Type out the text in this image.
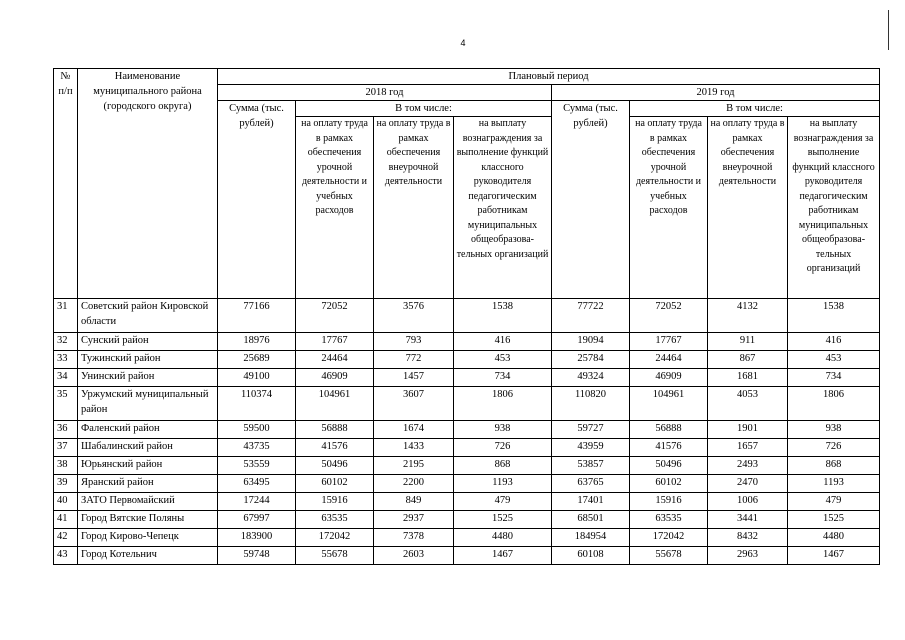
4
№ п/п	Наименование муниципального района (городского округа)	Плановый период							
		2018 год				2019 год			
		Сумма (тыс. рублей)	В том числе:			Сумма (тыс. рублей)	В том числе:		
			на оплату труда в рамках обеспечения урочной деятельности и учебных расходов	на оплату труда в рамках обеспечения внеурочной деятельности	на выплату вознаграждения за выполнение функций классного руководителя педагогическим работникам муниципальных общеобразова-тельных организаций		на оплату труда в рамках обеспечения урочной деятельности и учебных расходов	на оплату труда в рамках обеспечения внеурочной деятельности	на выплату вознаграждения за выполнение функций классного руководителя педагогическим работникам муниципальных общеобразова-тельных организаций
31	Советский район Кировской области	77166	72052	3576	1538	77722	72052	4132	1538
32	Сунский район	18976	17767	793	416	19094	17767	911	416
33	Тужинский район	25689	24464	772	453	25784	24464	867	453
34	Унинский район	49100	46909	1457	734	49324	46909	1681	734
35	Уржумский муниципальный район	110374	104961	3607	1806	110820	104961	4053	1806
36	Фаленский район	59500	56888	1674	938	59727	56888	1901	938
37	Шабалинский район	43735	41576	1433	726	43959	41576	1657	726
38	Юрьянский район	53559	50496	2195	868	53857	50496	2493	868
39	Яранский район	63495	60102	2200	1193	63765	60102	2470	1193
40	ЗАТО Первомайский	17244	15916	849	479	17401	15916	1006	479
41	Город Вятские Поляны	67997	63535	2937	1525	68501	63535	3441	1525
42	Город Кирово-Чепецк	183900	172042	7378	4480	184954	172042	8432	4480
43	Город Котельнич	59748	55678	2603	1467	60108	55678	2963	1467
